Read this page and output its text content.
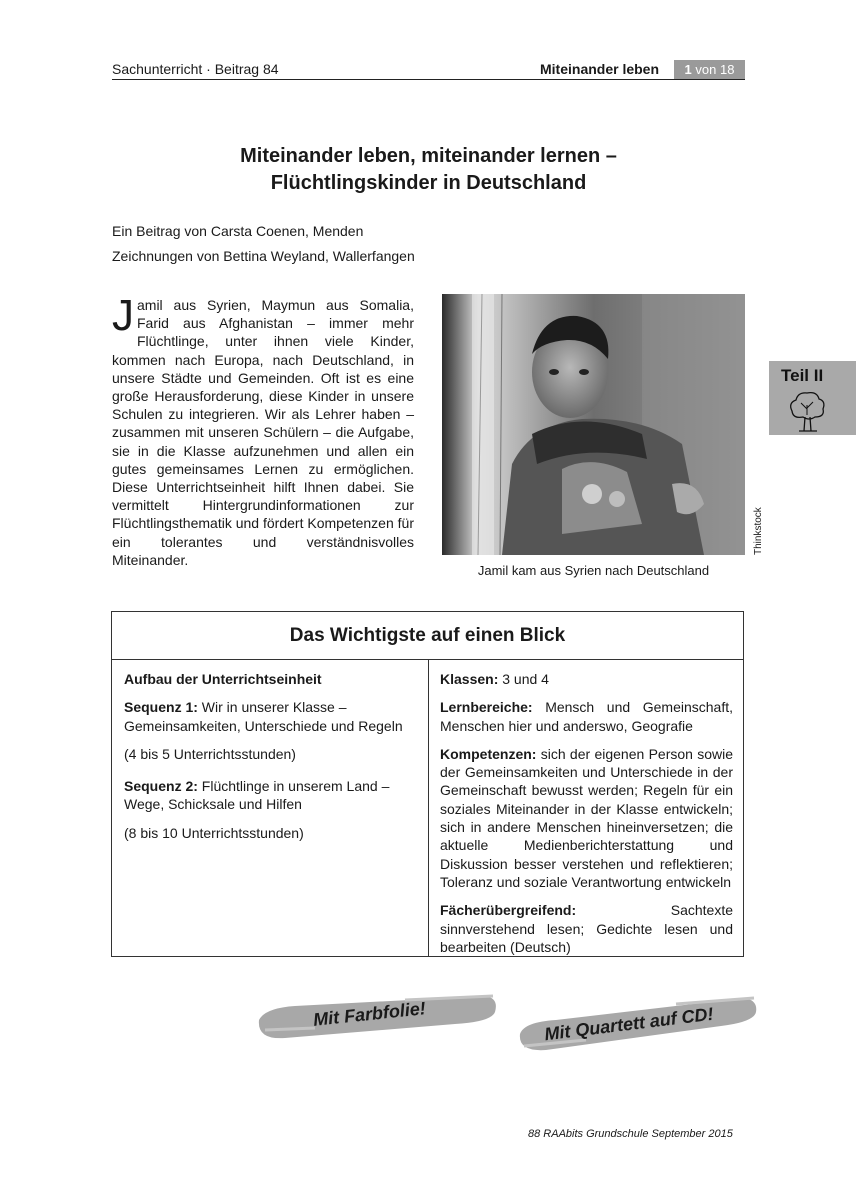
Sachunterricht · Beitrag 84	Miteinander leben	1 von 18
Miteinander leben, miteinander lernen –
Flüchtlingskinder in Deutschland
Ein Beitrag von Carsta Coenen, Menden
Zeichnungen von Bettina Weyland, Wallerfangen
Jamil aus Syrien, Maymun aus Somalia, Farid aus Afghanistan – immer mehr Flüchtlinge, unter ihnen viele Kinder, kommen nach Europa, nach Deutschland, in unsere Städte und Gemeinden. Oft ist es eine große Herausforderung, diese Kinder in unsere Schulen zu integrieren. Wir als Lehrer haben – zusammen mit unseren Schülern – die Aufgabe, sie in die Klasse aufzunehmen und allen ein gutes gemeinsames Lernen zu ermöglichen. Diese Unterrichtseinheit hilft Ihnen dabei. Sie vermittelt Hintergrundinformationen zur Flüchtlingsthematik und fördert Kompetenzen für ein tolerantes und verständnisvolles Miteinander.
Jamil kam aus Syrien nach Deutschland
Thinkstock
Teil II
Das Wichtigste auf einen Blick

Aufbau der Unterrichtseinheit

Sequenz 1: Wir in unserer Klasse – Gemeinsamkeiten, Unterschiede und Regeln

(4 bis 5 Unterrichtsstunden)

Sequenz 2: Flüchtlinge in unserem Land – Wege, Schicksale und Hilfen

(8 bis 10 Unterrichtsstunden)

Klassen: 3 und 4

Lernbereiche: Mensch und Gemeinschaft, Menschen hier und anderswo, Geografie

Kompetenzen: sich der eigenen Person sowie der Gemeinsamkeiten und Unterschiede in der Gemeinschaft bewusst werden; Regeln für ein soziales Miteinander in der Klasse entwickeln; sich in andere Menschen hineinversetzen; die aktuelle Medienberichterstattung und Diskussion besser verstehen und reflektieren; Toleranz und soziale Verantwortung entwickeln

Fächerübergreifend:	Sachtexte sinnverstehend lesen; Gedichte lesen und bearbeiten (Deutsch)

Mit Farbfolie!	Mit Quartett auf CD!
88 RAAbits Grundschule September 2015
